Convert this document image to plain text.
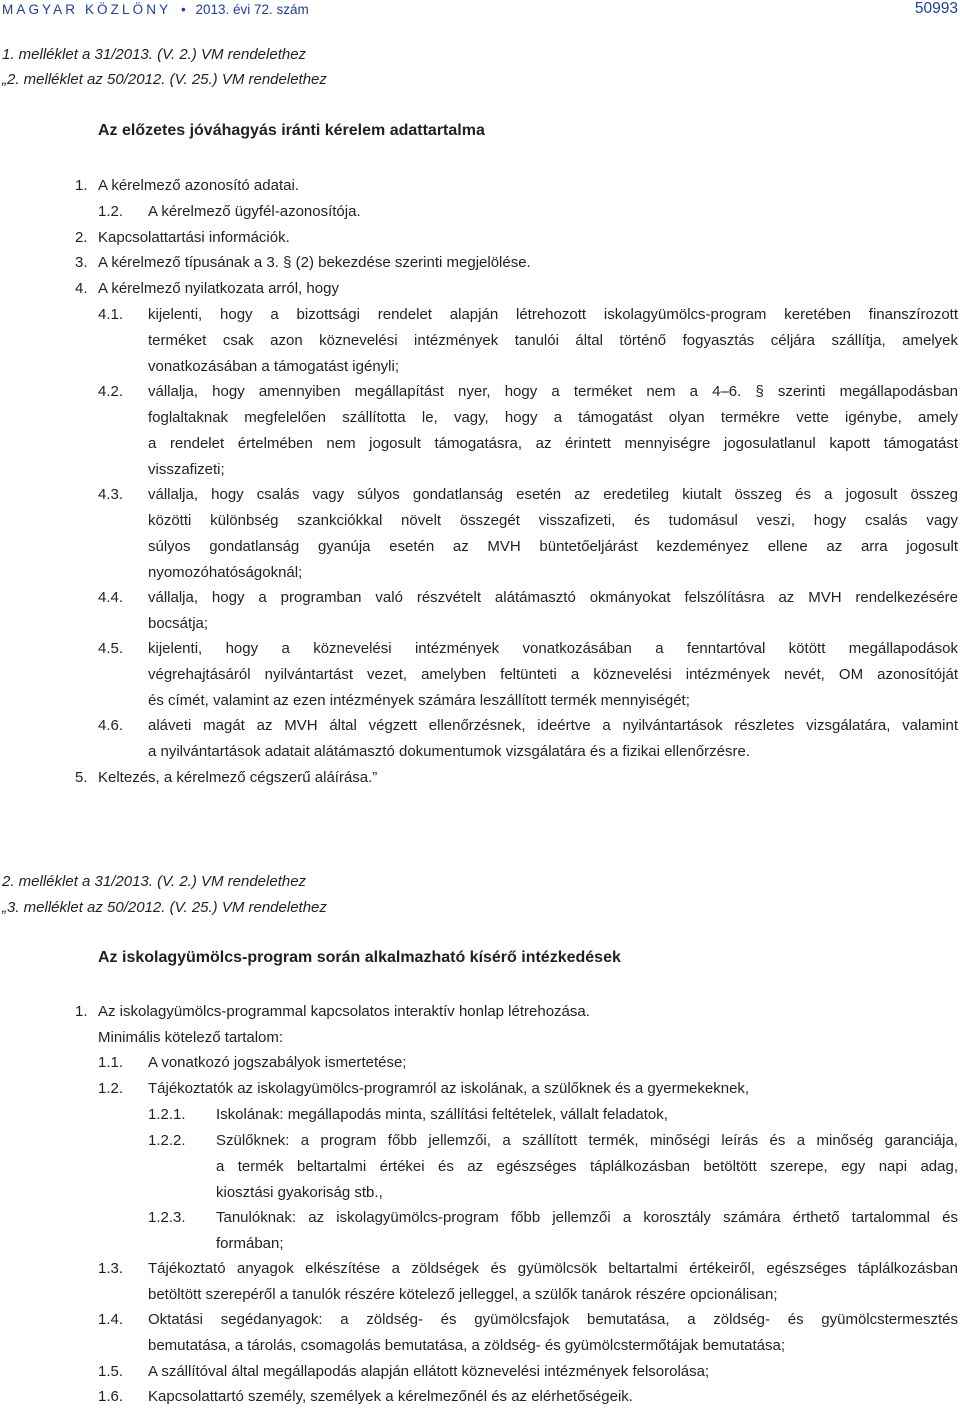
MAGYAR KÖZLÖNY • 2013. évi 72. szám	50993
1. melléklet a 31/2013. (V. 2.) VM rendelethez
„2. melléklet az 50/2012. (V. 25.) VM rendelethez
Az előzetes jóváhagyás iránti kérelem adattartalma
1. A kérelmező azonosító adatai.
1.2. A kérelmező ügyfél-azonosítója.
2. Kapcsolattartási információk.
3. A kérelmező típusának a 3. § (2) bekezdése szerinti megjelölése.
4. A kérelmező nyilatkozata arról, hogy
4.1. kijelenti, hogy a bizottsági rendelet alapján létrehozott iskolagyümölcs-program keretében finanszírozott
terméket csak azon köznevelési intézmények tanulói által történő fogyasztás céljára szállítja, amelyek
vonatkozásában a támogatást igényli;
4.2. vállalja, hogy amennyiben megállapítást nyer, hogy a terméket nem a 4–6. § szerinti megállapodásban
foglaltaknak megfelelően szállította le, vagy, hogy a támogatást olyan termékre vette igénybe, amely
a rendelet értelmében nem jogosult támogatásra, az érintett mennyiségre jogosulatlanul kapott támogatást
visszafizeti;
4.3. vállalja, hogy csalás vagy súlyos gondatlanság esetén az eredetileg kiutalt összeg és a jogosult összeg
közötti különbség szankciókkal növelt összegét visszafizeti, és tudomásul veszi, hogy csalás vagy
súlyos gondatlanság gyanúja esetén az MVH büntetőeljárást kezdeményez ellene az arra jogosult
nyomozóhatóságoknál;
4.4. vállalja, hogy a programban való részvételt alátámasztó okmányokat felszólításra az MVH rendelkezésére
bocsátja;
4.5. kijelenti, hogy a köznevelési intézmények vonatkozásában a fenntartóval kötött megállapodások
végrehajtásáról nyilvántartást vezet, amelyben feltünteti a köznevelési intézmények nevét, OM azonosítóját
és címét, valamint az ezen intézmények számára leszállított termék mennyiségét;
4.6. aláveti magát az MVH által végzett ellenőrzésnek, ideértve a nyilvántartások részletes vizsgálatára, valamint
a nyilvántartások adatait alátámasztó dokumentumok vizsgálatára és a fizikai ellenőrzésre.
5. Keltezés, a kérelmező cégszerű aláírása.”
2. melléklet a 31/2013. (V. 2.) VM rendelethez
„3. melléklet az 50/2012. (V. 25.) VM rendelethez
Az iskolagyümölcs-program során alkalmazható kísérő intézkedések
1. Az iskolagyümölcs-programmal kapcsolatos interaktív honlap létrehozása.
Minimális kötelező tartalom:
1.1. A vonatkozó jogszabályok ismertetése;
1.2. Tájékoztatók az iskolagyümölcs-programról az iskolának, a szülőknek és a gyermekeknek,
1.2.1. Iskolának: megállapodás minta, szállítási feltételek, vállalt feladatok,
1.2.2. Szülőknek: a program főbb jellemzői, a szállított termék, minőségi leírás és a minőség garanciája,
a termék beltartalmi értékei és az egészséges táplálkozásban betöltött szerepe, egy napi adag,
kiosztási gyakoriság stb.,
1.2.3. Tanulóknak: az iskolagyümölcs-program főbb jellemzői a korosztály számára érthető tartalommal és
formában;
1.3. Tájékoztató anyagok elkészítése a zöldségek és gyümölcsök beltartalmi értékeiről, egészséges táplálkozásban
betöltött szerepéről a tanulók részére kötelező jelleggel, a szülők tanárok részére opcionálisan;
1.4. Oktatási segédanyagok: a zöldség- és gyümölcsfajok bemutatása, a zöldség- és gyümölcstermesztés
bemutatása, a tárolás, csomagolás bemutatása, a zöldség- és gyümölcstermőtájak bemutatása;
1.5. A szállítóval által megállapodás alapján ellátott köznevelési intézmények felsorolása;
1.6. Kapcsolattartó személy, személyek a kérelmezőnél és az elérhetőségeik.
